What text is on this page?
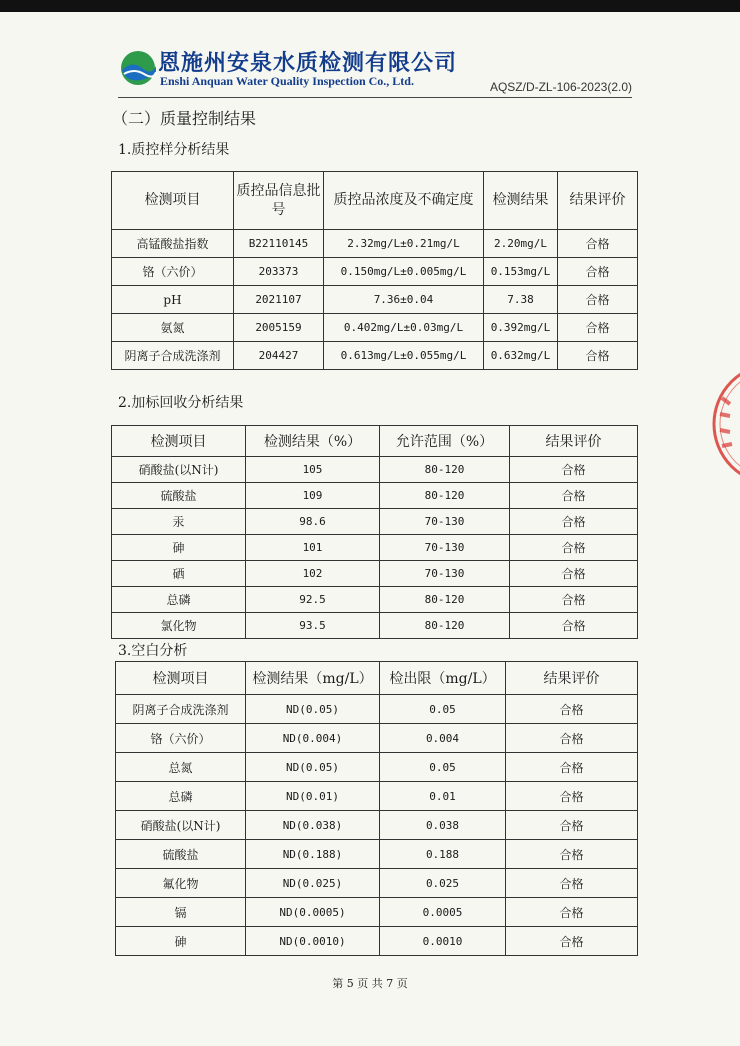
恩施州安泉水质检测有限公司
Enshi Anquan Water Quality Inspection Co., Ltd.	AQSZ/D-ZL-106-2023(2.0)
（二）质量控制结果
1.质控样分析结果
检测项目	质控品信息批号	质控品浓度及不确定度	检测结果	结果评价
高锰酸盐指数	B22110145	2.32mg/L±0.21mg/L	2.20mg/L	合格
铬（六价）	203373	0.150mg/L±0.005mg/L	0.153mg/L	合格
pH	2021107	7.36±0.04	7.38	合格
氨氮	2005159	0.402mg/L±0.03mg/L	0.392mg/L	合格
阴离子合成洗涤剂	204427	0.613mg/L±0.055mg/L	0.632mg/L	合格
2.加标回收分析结果
检测项目	检测结果（%）	允许范围（%）	结果评价
硝酸盐(以N计)	105	80-120	合格
硫酸盐	109	80-120	合格
汞	98.6	70-130	合格
砷	101	70-130	合格
硒	102	70-130	合格
总磷	92.5	80-120	合格
氯化物	93.5	80-120	合格
3.空白分析
检测项目	检测结果（mg/L）	检出限（mg/L）	结果评价
阴离子合成洗涤剂	ND(0.05)	0.05	合格
铬（六价）	ND(0.004)	0.004	合格
总氮	ND(0.05)	0.05	合格
总磷	ND(0.01)	0.01	合格
硝酸盐(以N计)	ND(0.038)	0.038	合格
硫酸盐	ND(0.188)	0.188	合格
氟化物	ND(0.025)	0.025	合格
镉	ND(0.0005)	0.0005	合格
砷	ND(0.0010)	0.0010	合格
第 5 页 共 7 页
